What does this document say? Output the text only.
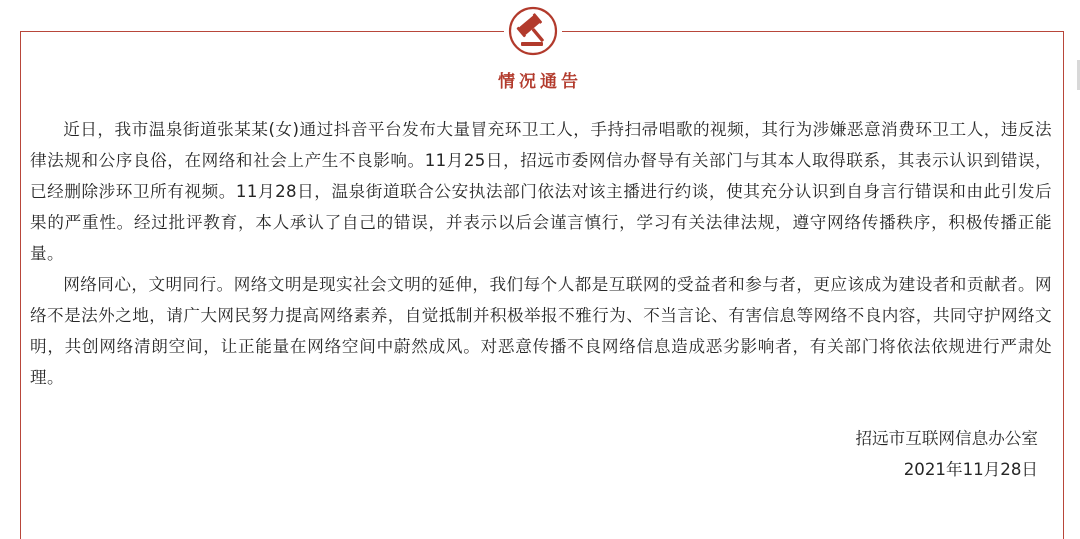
情况通告

近日，我市温泉街道张某某(女)通过抖音平台发布大量冒充环卫工人，手持扫帚唱歌的视频，其行为涉嫌恶意消费环卫工人，违反法律法规和公序良俗，在网络和社会上产生不良影响。11月25日，招远市委网信办督导有关部门与其本人取得联系，其表示认识到错误，已经删除涉环卫所有视频。11月28日，温泉街道联合公安执法部门依法对该主播进行约谈，使其充分认识到自身言行错误和由此引发后果的严重性。经过批评教育，本人承认了自己的错误，并表示以后会谨言慎行，学习有关法律法规，遵守网络传播秩序，积极传播正能量。

网络同心，文明同行。网络文明是现实社会文明的延伸，我们每个人都是互联网的受益者和参与者，更应该成为建设者和贡献者。网络不是法外之地，请广大网民努力提高网络素养，自觉抵制并积极举报不雅行为、不当言论、有害信息等网络不良内容，共同守护网络文明，共创网络清朗空间，让正能量在网络空间中蔚然成风。对恶意传播不良网络信息造成恶劣影响者，有关部门将依法依规进行严肃处理。

招远市互联网信息办公室
2021年11月28日
